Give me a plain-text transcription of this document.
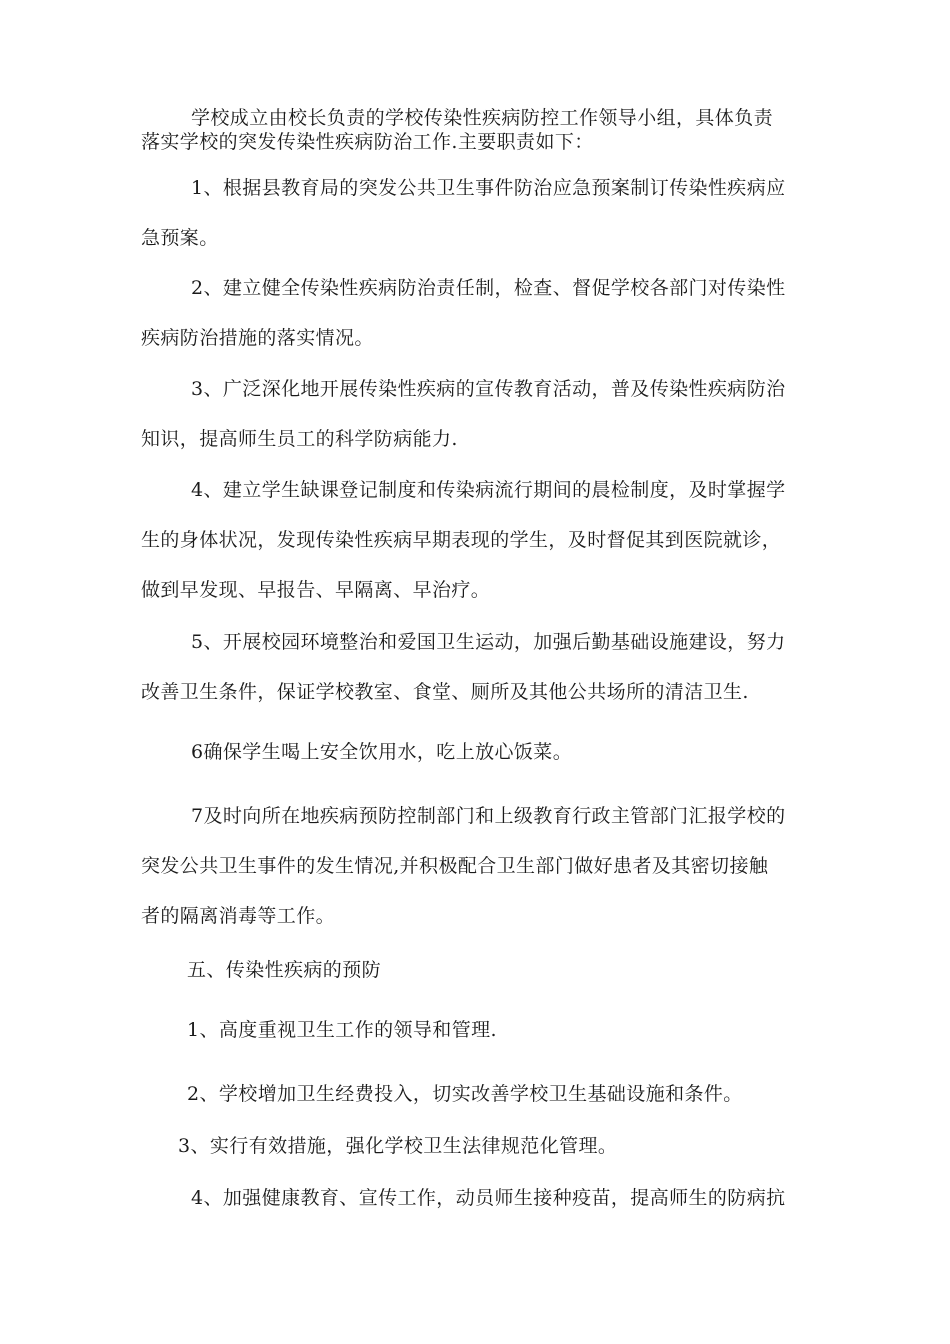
学校成立由校长负责的学校传染性疾病防控工作领导小组，具体负责
落实学校的突发传染性疾病防治工作.主要职责如下：
1、根据县教育局的突发公共卫生事件防治应急预案制订传染性疾病应
急预案。
2、建立健全传染性疾病防治责任制，检查、督促学校各部门对传染性
疾病防治措施的落实情况。
3、广泛深化地开展传染性疾病的宣传教育活动，普及传染性疾病防治
知识，提高师生员工的科学防病能力.
4、建立学生缺课登记制度和传染病流行期间的晨检制度，及时掌握学
生的身体状况，发现传染性疾病早期表现的学生，及时督促其到医院就诊，
做到早发现、早报告、早隔离、早治疗。
5、开展校园环境整治和爱国卫生运动，加强后勤基础设施建设，努力
改善卫生条件，保证学校教室、食堂、厕所及其他公共场所的清洁卫生.
6确保学生喝上安全饮用水，吃上放心饭菜。
7及时向所在地疾病预防控制部门和上级教育行政主管部门汇报学校的
突发公共卫生事件的发生情况,并积极配合卫生部门做好患者及其密切接触
者的隔离消毒等工作。
五、传染性疾病的预防
1、高度重视卫生工作的领导和管理.
2、学校增加卫生经费投入，切实改善学校卫生基础设施和条件。
3、实行有效措施，强化学校卫生法律规范化管理。
4、加强健康教育、宣传工作，动员师生接种疫苗，提高师生的防病抗
